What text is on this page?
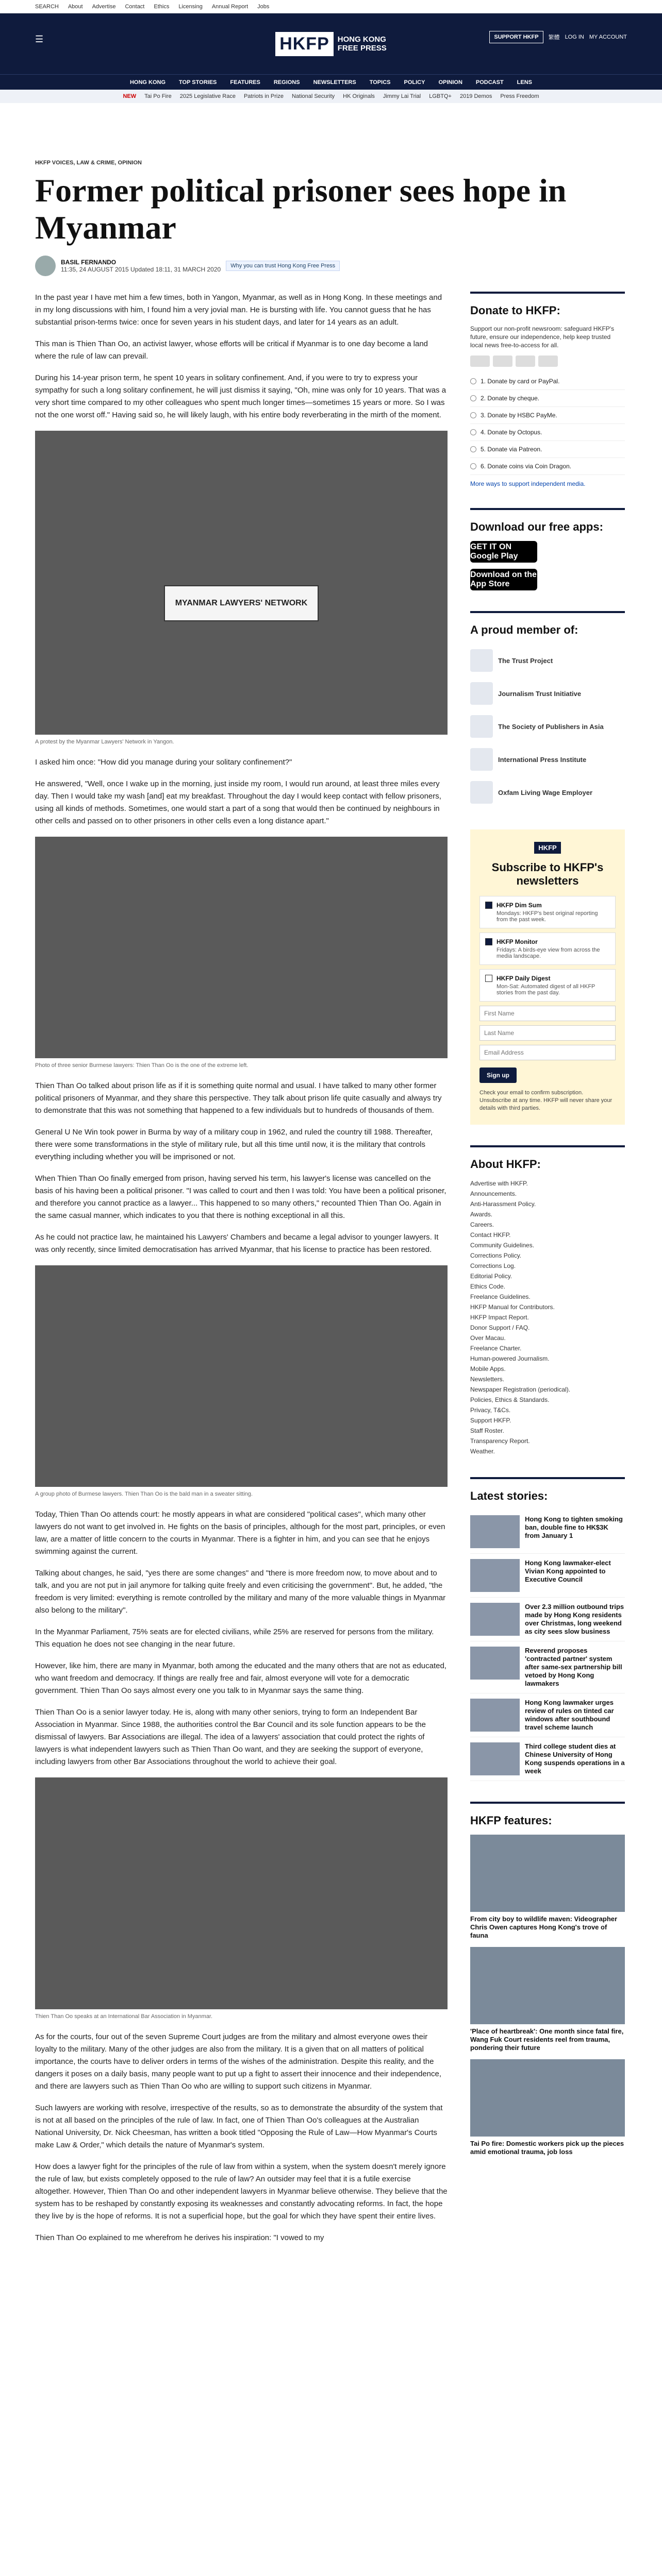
SEARCH About Advertise Contact Ethics Licensing Annual Report Jobs
☰	HKFP	HONG KONG
FREE PRESS
SUPPORT HKFP	繁體 LOG IN MY ACCOUNT
HONG KONG TOP STORIES FEATURES REGIONS NEWSLETTERS TOPICS POLICY OPINION PODCAST LENS
NEW Tai Po Fire 2025 Legislative Race Patriots in Prize National Security HK Originals Jimmy Lai Trial LGBTQ+ 2019 Demos Press Freedom
HKFP VOICES, LAW & CRIME, OPINION
Former political prisoner sees hope in Myanmar
BASIL FERNANDO
11:35, 24 AUGUST 2015 Updated 18:11, 31 MARCH 2020	Why you can trust Hong Kong Free Press

In the past year I have met him a few times, both in Yangon, Myanmar, as well as in Hong Kong. In these meetings and in my long discussions with him, I found him a very jovial man. He is bursting with life. You cannot guess that he has substantial prison-terms twice: once for seven years in his student days, and later for 14 years as an adult.

This man is Thien Than Oo, an activist lawyer, whose efforts will be critical if Myanmar is to one day become a land where the rule of law can prevail.

During his 14-year prison term, he spent 10 years in solitary confinement. And, if you were to try to express your sympathy for such a long solitary confinement, he will just dismiss it saying, "Oh, mine was only for 10 years. That was a very short time compared to my other colleagues who spent much longer times—sometimes 15 years or more. So I was not the one worst off." Having said so, he will likely laugh, with his entire body reverberating in the mirth of the moment.

MYANMAR LAWYERS' NETWORK
A protest by the Myanmar Lawyers' Network in Yangon.

I asked him once: "How did you manage during your solitary confinement?"

He answered, "Well, once I wake up in the morning, just inside my room, I would run around, at least three miles every day. Then I would take my wash [and] eat my breakfast. Throughout the day I would keep contact with fellow prisoners, using all kinds of methods. Sometimes, one would start a part of a song that would then be continued by neighbours in other cells and passed on to other prisoners in other cells even a long distance apart."

Photo of three senior Burmese lawyers: Thien Than Oo is the one of the extreme left.

Thien Than Oo talked about prison life as if it is something quite normal and usual. I have talked to many other former political prisoners of Myanmar, and they share this perspective. They talk about prison life quite casually and always try to demonstrate that this was not something that happened to a few individuals but to hundreds of thousands of them.

General U Ne Win took power in Burma by way of a military coup in 1962, and ruled the country till 1988. Thereafter, there were some transformations in the style of military rule, but all this time until now, it is the military that controls everything including whether you will be imprisoned or not.

When Thien Than Oo finally emerged from prison, having served his term, his lawyer's license was cancelled on the basis of his having been a political prisoner. "I was called to court and then I was told: You have been a political prisoner, and therefore you cannot practice as a lawyer... This happened to so many others," recounted Thien Than Oo. Again in the same casual manner, which indicates to you that there is nothing exceptional in all this.

As he could not practice law, he maintained his Lawyers' Chambers and became a legal advisor to younger lawyers. It was only recently, since limited democratisation has arrived Myanmar, that his license to practice has been restored.

A group photo of Burmese lawyers. Thien Than Oo is the bald man in a sweater sitting.

Today, Thien Than Oo attends court: he mostly appears in what are considered "political cases", which many other lawyers do not want to get involved in. He fights on the basis of principles, although for the most part, principles, or even law, are a matter of little concern to the courts in Myanmar. There is a fighter in him, and you can see that he enjoys swimming against the current.

Talking about changes, he said, "yes there are some changes" and "there is more freedom now, to move about and to talk, and you are not put in jail anymore for talking quite freely and even criticising the government". But, he added, "the freedom is very limited: everything is remote controlled by the military and many of the more valuable things in Myanmar also belong to the military".

In the Myanmar Parliament, 75% seats are for elected civilians, while 25% are reserved for persons from the military. This equation he does not see changing in the near future.

However, like him, there are many in Myanmar, both among the educated and the many others that are not as educated, who want freedom and democracy. If things are really free and fair, almost everyone will vote for a democratic government. Thien Than Oo says almost every one you talk to in Myanmar says the same thing.

Thien Than Oo is a senior lawyer today. He is, along with many other seniors, trying to form an Independent Bar Association in Myanmar. Since 1988, the authorities control the Bar Council and its sole function appears to be the dismissal of lawyers. Bar Associations are illegal. The idea of a lawyers' association that could protect the rights of lawyers is what independent lawyers such as Thien Than Oo want, and they are seeking the support of everyone, including lawyers from other Bar Associations throughout the world to achieve their goal.

Thien Than Oo speaks at an International Bar Association in Myanmar.

As for the courts, four out of the seven Supreme Court judges are from the military and almost everyone owes their loyalty to the military. Many of the other judges are also from the military. It is a given that on all matters of political importance, the courts have to deliver orders in terms of the wishes of the administration. Despite this reality, and the dangers it poses on a daily basis, many people want to put up a fight to assert their innocence and their independence, and there are lawyers such as Thien Than Oo who are willing to support such citizens in Myanmar.

Such lawyers are working with resolve, irrespective of the results, so as to demonstrate the absurdity of the system that is not at all based on the principles of the rule of law. In fact, one of Thien Than Oo's colleagues at the Australian National University, Dr. Nick Cheesman, has written a book titled "Opposing the Rule of Law—How Myanmar's Courts make Law & Order," which details the nature of Myanmar's system.

How does a lawyer fight for the principles of the rule of law from within a system, when the system doesn't merely ignore the rule of law, but exists completely opposed to the rule of law? An outsider may feel that it is a futile exercise altogether. However, Thien Than Oo and other independent lawyers in Myanmar believe otherwise. They believe that the system has to be reshaped by constantly exposing its weaknesses and constantly advocating reforms. In fact, the hope they live by is the hope of reforms. It is not a superficial hope, but the goal for which they have spent their entire lives.

Thien Than Oo explained to me wherefrom he derives his inspiration: "I vowed to my

Donate to HKFP:

Support our non-profit newsroom: safeguard HKFP's future, ensure our independence, help keep trusted local news free-to-access for all.

1. Donate by card or PayPal.
2. Donate by cheque.
3. Donate by HSBC PayMe.
4. Donate by Octopus.
5. Donate via Patreon.
6. Donate coins via Coin Dragon.
More ways to support independent media.
Download our free apps:
GET IT ON Google Play
Download on the App Store
A proud member of:
The Trust Project
Journalism Trust Initiative
The Society of Publishers in Asia
International Press Institute
Oxfam Living Wage Employer
HKFP
Subscribe to HKFP's newsletters
HKFP Dim Sum
Mondays: HKFP's best original reporting from the past week.
HKFP Monitor
Fridays: A birds-eye view from across the media landscape.
HKFP Daily Digest
Mon-Sat: Automated digest of all HKFP stories from the past day.
First Name Last Name Email Address Sign up

Check your email to confirm subscription. Unsubscribe at any time. HKFP will never share your details with third parties.

About HKFP:
Advertise with HKFP.
Announcements.
Anti-Harassment Policy.
Awards.
Careers.
Contact HKFP.
Community Guidelines.
Corrections Policy.
Corrections Log.
Editorial Policy.
Ethics Code.
Freelance Guidelines.
HKFP Manual for Contributors.
HKFP Impact Report.
Donor Support / FAQ.
Over Macau.
Freelance Charter.
Human-powered Journalism.
Mobile Apps.
Newsletters.
Newspaper Registration (periodical).
Policies, Ethics & Standards.
Privacy, T&Cs.
Support HKFP.
Staff Roster.
Transparency Report.
Weather.
Latest stories:
Hong Kong to tighten smoking ban, double fine to HK$3K from January 1
Hong Kong lawmaker-elect Vivian Kong appointed to Executive Council
Over 2.3 million outbound trips made by Hong Kong residents over Christmas, long weekend as city sees slow business
Reverend proposes 'contracted partner' system after same-sex partnership bill vetoed by Hong Kong lawmakers
Hong Kong lawmaker urges review of rules on tinted car windows after southbound travel scheme launch
Third college student dies at Chinese University of Hong Kong suspends operations in a week
HKFP features:
From city boy to wildlife maven: Videographer Chris Owen captures Hong Kong's trove of fauna
'Place of heartbreak': One month since fatal fire, Wang Fuk Court residents reel from trauma, pondering their future
Tai Po fire: Domestic workers pick up the pieces amid emotional trauma, job loss
